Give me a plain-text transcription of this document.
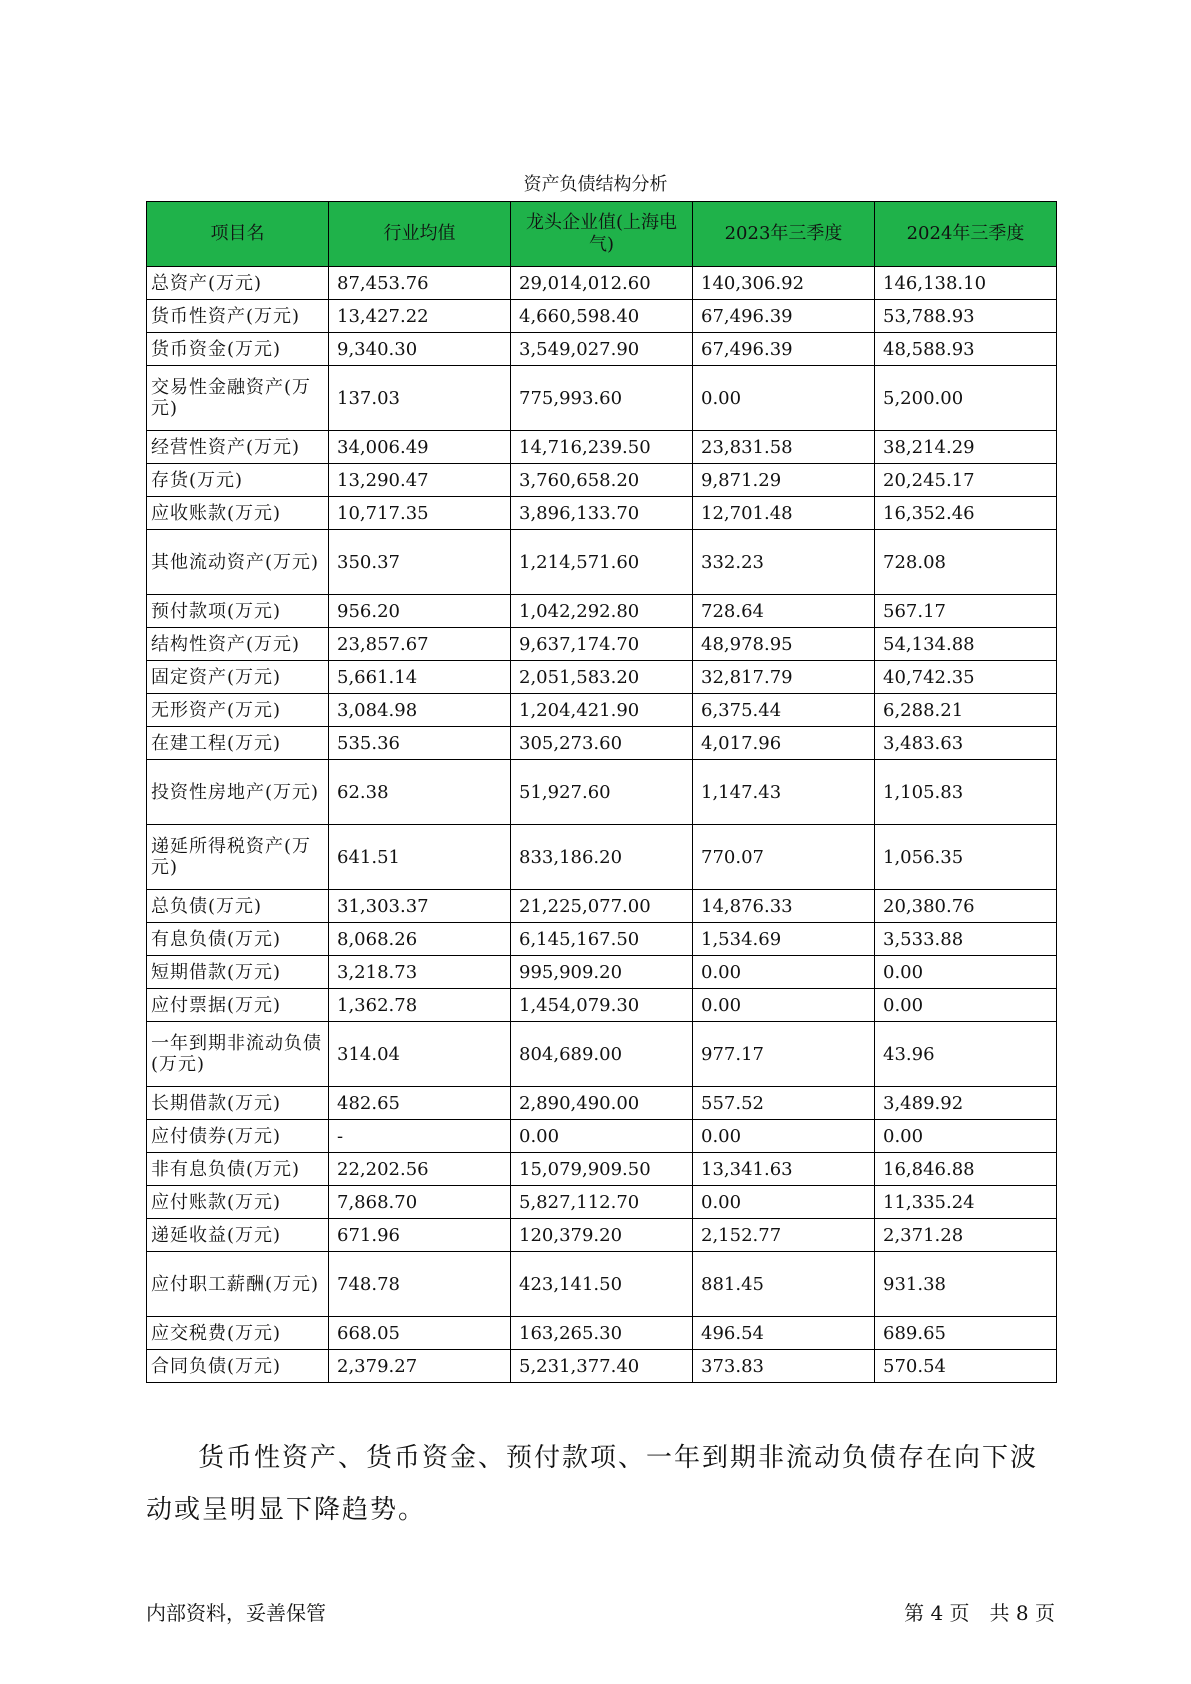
资产负债结构分析
项目名	行业均值	龙头企业值(上海电气)	2023年三季度	2024年三季度
总资产(万元)	87,453.76	29,014,012.60	140,306.92	146,138.10
货币性资产(万元)	13,427.22	4,660,598.40	67,496.39	53,788.93
货币资金(万元)	9,340.30	3,549,027.90	67,496.39	48,588.93
交易性金融资产(万元)	137.03	775,993.60	0.00	5,200.00
经营性资产(万元)	34,006.49	14,716,239.50	23,831.58	38,214.29
存货(万元)	13,290.47	3,760,658.20	9,871.29	20,245.17
应收账款(万元)	10,717.35	3,896,133.70	12,701.48	16,352.46
其他流动资产(万元)	350.37	1,214,571.60	332.23	728.08
预付款项(万元)	956.20	1,042,292.80	728.64	567.17
结构性资产(万元)	23,857.67	9,637,174.70	48,978.95	54,134.88
固定资产(万元)	5,661.14	2,051,583.20	32,817.79	40,742.35
无形资产(万元)	3,084.98	1,204,421.90	6,375.44	6,288.21
在建工程(万元)	535.36	305,273.60	4,017.96	3,483.63
投资性房地产(万元)	62.38	51,927.60	1,147.43	1,105.83
递延所得税资产(万元)	641.51	833,186.20	770.07	1,056.35
总负债(万元)	31,303.37	21,225,077.00	14,876.33	20,380.76
有息负债(万元)	8,068.26	6,145,167.50	1,534.69	3,533.88
短期借款(万元)	3,218.73	995,909.20	0.00	0.00
应付票据(万元)	1,362.78	1,454,079.30	0.00	0.00
一年到期非流动负债(万元)	314.04	804,689.00	977.17	43.96
长期借款(万元)	482.65	2,890,490.00	557.52	3,489.92
应付债券(万元)	-	0.00	0.00	0.00
非有息负债(万元)	22,202.56	15,079,909.50	13,341.63	16,846.88
应付账款(万元)	7,868.70	5,827,112.70	0.00	11,335.24
递延收益(万元)	671.96	120,379.20	2,152.77	2,371.28
应付职工薪酬(万元)	748.78	423,141.50	881.45	931.38
应交税费(万元)	668.05	163,265.30	496.54	689.65
合同负债(万元)	2,379.27	5,231,377.40	373.83	570.54
货币性资产、货币资金、预付款项、一年到期非流动负债存在向下波动或呈明显下降趋势。
内部资料，妥善保管	第 4 页　共 8 页
